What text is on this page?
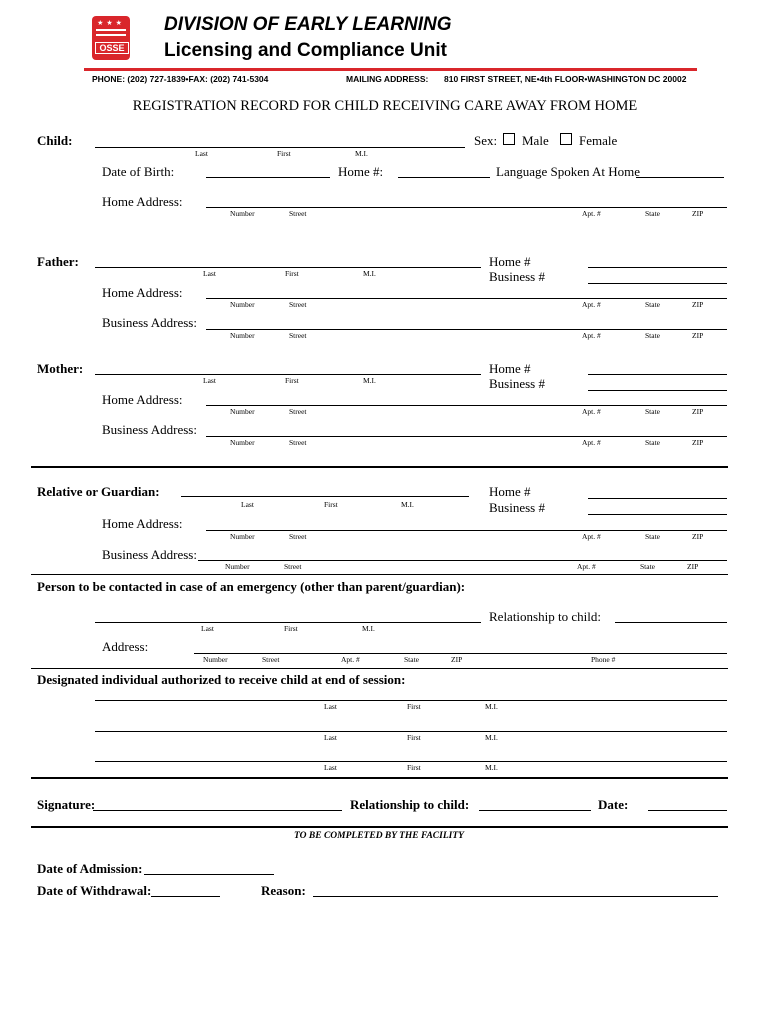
★★★
OSSE
DIVISION OF EARLY LEARNING
Licensing and Compliance Unit
PHONE: (202) 727-1839•FAX: (202) 741-5304	MAILING ADDRESS: 810 FIRST STREET, NE•4th FLOOR•WASHINGTON DC 20002
REGISTRATION RECORD FOR CHILD RECEIVING CARE AWAY FROM HOME
Child:
Last	First	M.I.
Sex: Male Female
Date of Birth:	Home #:	Language Spoken At Home
Home Address:
Number	Street	Apt. #	State	ZIP
Father:
Last	First	M.I.
Home #
Business #
Home Address:
Number	Street	Apt. #	State	ZIP
Business Address:
Number	Street	Apt. #	State	ZIP
Mother:
Last	First	M.I.
Home #
Business #
Home Address:
Number	Street	Apt. #	State	ZIP
Business Address:
Number	Street	Apt. #	State	ZIP
Relative or Guardian:
Last	First	M.I.
Home #
Business #
Home Address:
Number	Street	Apt. #	State	ZIP
Business Address:
Number	Street	Apt. #	State	ZIP
Person to be contacted in case of an emergency (other than parent/guardian):
Last	First	M.I.
Relationship to child:
Address:
Number	Street	Apt. #	State	ZIP	Phone #
Designated individual authorized to receive child at end of session:
Last	First	M.I.
Last	First	M.I.
Last	First	M.I.
Signature:	Relationship to child:	Date:
TO BE COMPLETED BY THE FACILITY
Date of Admission:
Date of Withdrawal:	Reason:
